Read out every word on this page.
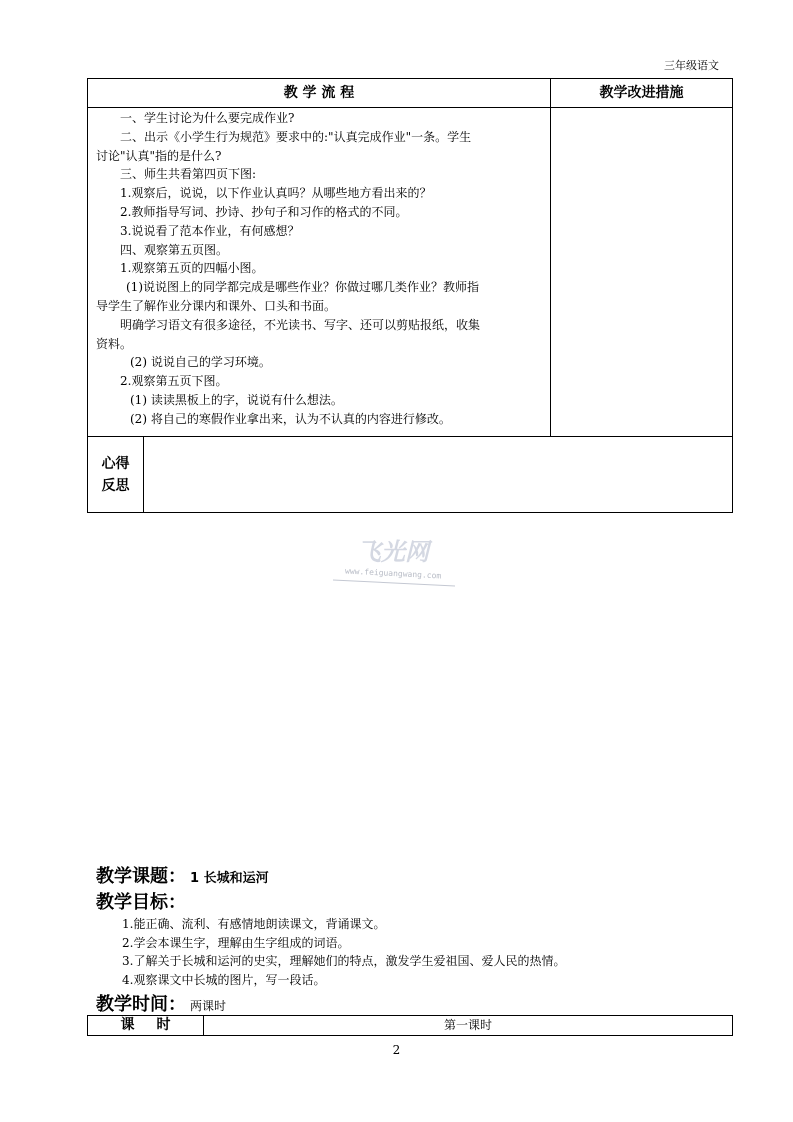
三年级语文
教 学 流 程	教学改进措施

一、学生讨论为什么要完成作业?

二、出示《小学生行为规范》要求中的:"认真完成作业"一条。学生

讨论"认真"指的是什么?

三、师生共看第四页下图:

1.观察后，说说，以下作业认真吗？从哪些地方看出来的？

2.教师指导写词、抄诗、抄句子和习作的格式的不同。

3.说说看了范本作业，有何感想？

四、观察第五页图。

1.观察第五页的四幅小图。

(1)说说图上的同学都完成是哪些作业？你做过哪几类作业？教师指

导学生了解作业分课内和课外、口头和书面。

明确学习语文有很多途径，不光读书、写字、还可以剪贴报纸，收集

资料。

(2) 说说自己的学习环境。

2.观察第五页下图。

(1) 读读黑板上的字，说说有什么想法。

(2) 将自己的寒假作业拿出来，认为不认真的内容进行修改。

心得
反思
飞光网
www.feiguangwang.com
教学课题： 1 长城和运河
教学目标：

1.能正确、流利、有感情地朗读课文，背诵课文。

2.学会本课生字，理解由生字组成的词语。

3.了解关于长城和运河的史实，理解她们的特点，激发学生爱祖国、爱人民的热情。

4.观察课文中长城的图片，写一段话。

教学时间： 两课时
课时	第一课时
2
